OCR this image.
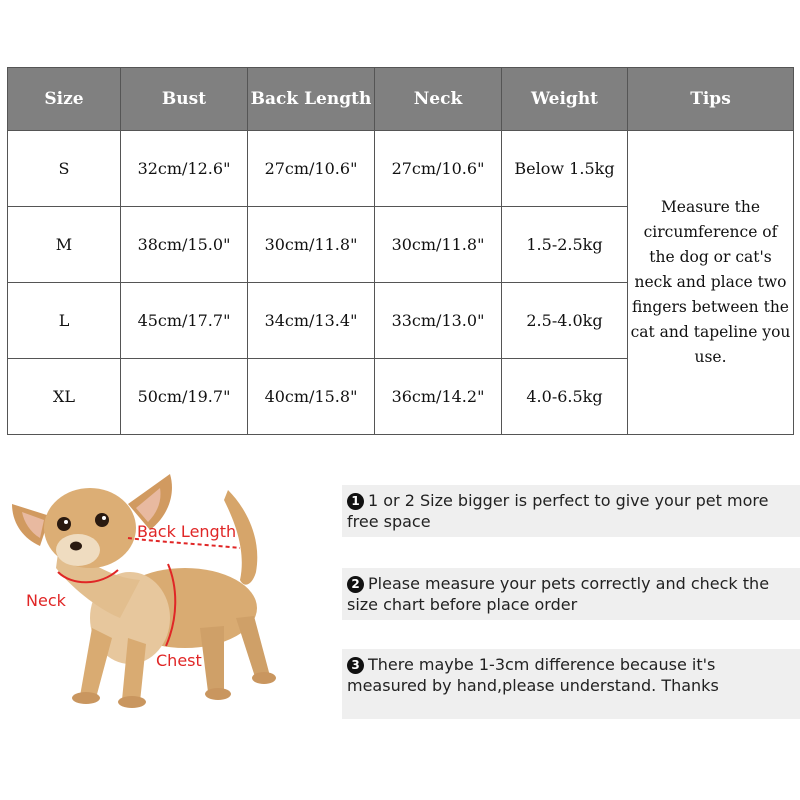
Size	Bust	Back Length	Neck	Weight	Tips
S	32cm/12.6"	27cm/10.6"	27cm/10.6"	Below 1.5kg	Measure the circumference of the dog or cat's neck and place two fingers between the cat and tapeline you use.
M	38cm/15.0"	30cm/11.8"	30cm/11.8"	1.5-2.5kg	
L	45cm/17.7"	34cm/13.4"	33cm/13.0"	2.5-4.0kg	
XL	50cm/19.7"	40cm/15.8"	36cm/14.2"	4.0-6.5kg	
Back Length
Neck
Chest
1 1 or 2 Size bigger is perfect to give your pet more free space
2 Please measure your pets correctly and check the size chart before place order
3 There maybe 1-3cm difference because it's measured by hand,please understand. Thanks
